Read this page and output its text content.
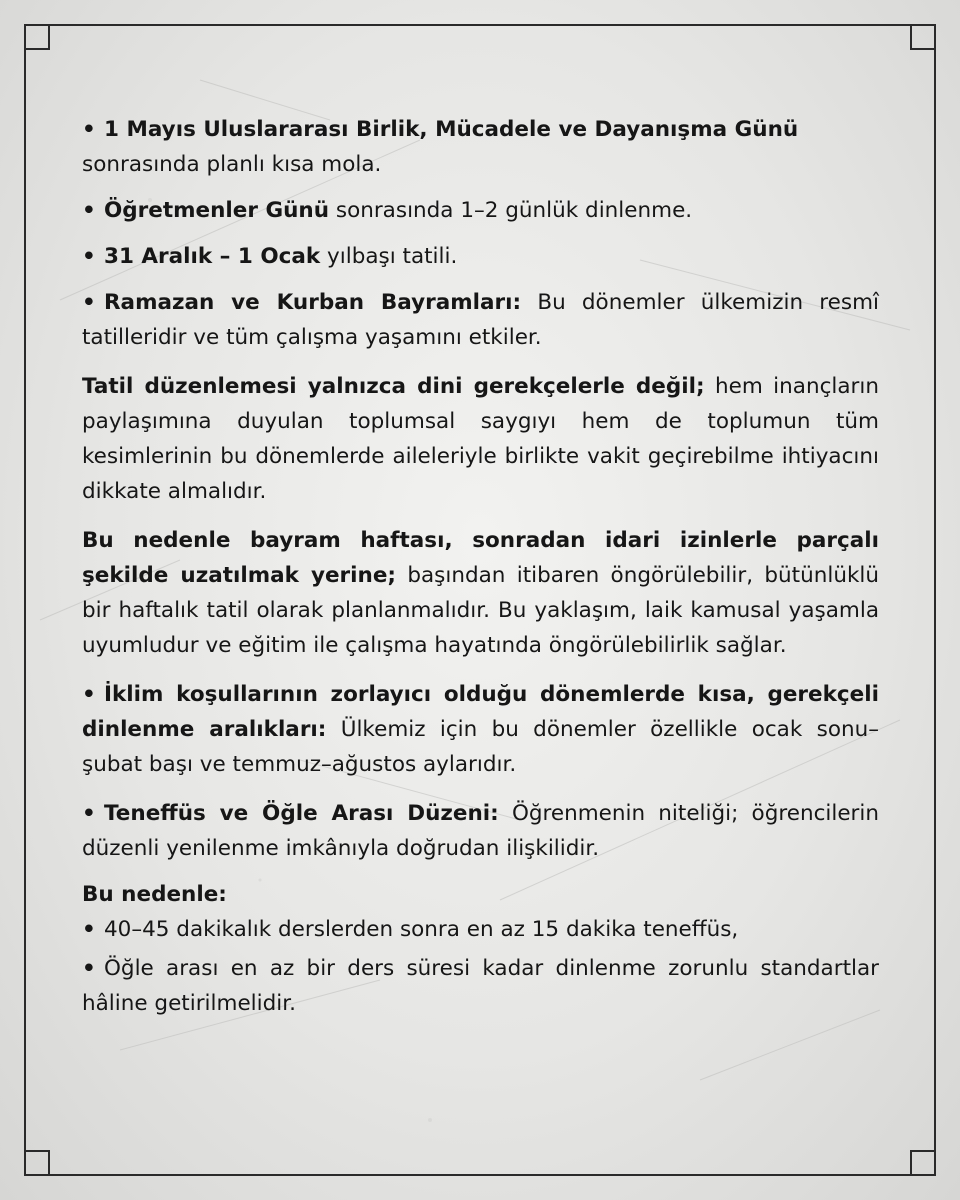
• 1 Mayıs Uluslararası Birlik, Mücadele ve Dayanışma Günü
sonrasında planlı kısa mola.

• Öğretmenler Günü sonrasında 1–2 günlük dinlenme.

• 31 Aralık – 1 Ocak yılbaşı tatili.

• Ramazan ve Kurban Bayramları: Bu dönemler ülkemizin resmî tatilleridir ve tüm çalışma yaşamını etkiler.

Tatil düzenlemesi yalnızca dini gerekçelerle değil; hem inançların paylaşımına duyulan toplumsal saygıyı hem de toplumun tüm kesimlerinin bu dönemlerde aileleriyle birlikte vakit geçirebilme ihtiyacını dikkate almalıdır.

Bu nedenle bayram haftası, sonradan idari izinlerle parçalı şekilde uzatılmak yerine; başından itibaren öngörülebilir, bütünlüklü bir haftalık tatil olarak planlanmalıdır. Bu yaklaşım, laik kamusal yaşamla uyumludur ve eğitim ile çalışma hayatında öngörülebilirlik sağlar.

• İklim koşullarının zorlayıcı olduğu dönemlerde kısa, gerekçeli dinlenme aralıkları: Ülkemiz için bu dönemler özellikle ocak sonu–şubat başı ve temmuz–ağustos aylarıdır.

• Teneffüs ve Öğle Arası Düzeni: Öğrenmenin niteliği; öğrencilerin düzenli yenilenme imkânıyla doğrudan ilişkilidir.

Bu nedenle:

• 40–45 dakikalık derslerden sonra en az 15 dakika teneffüs,

• Öğle arası en az bir ders süresi kadar dinlenme zorunlu standartlar hâline getirilmelidir.
